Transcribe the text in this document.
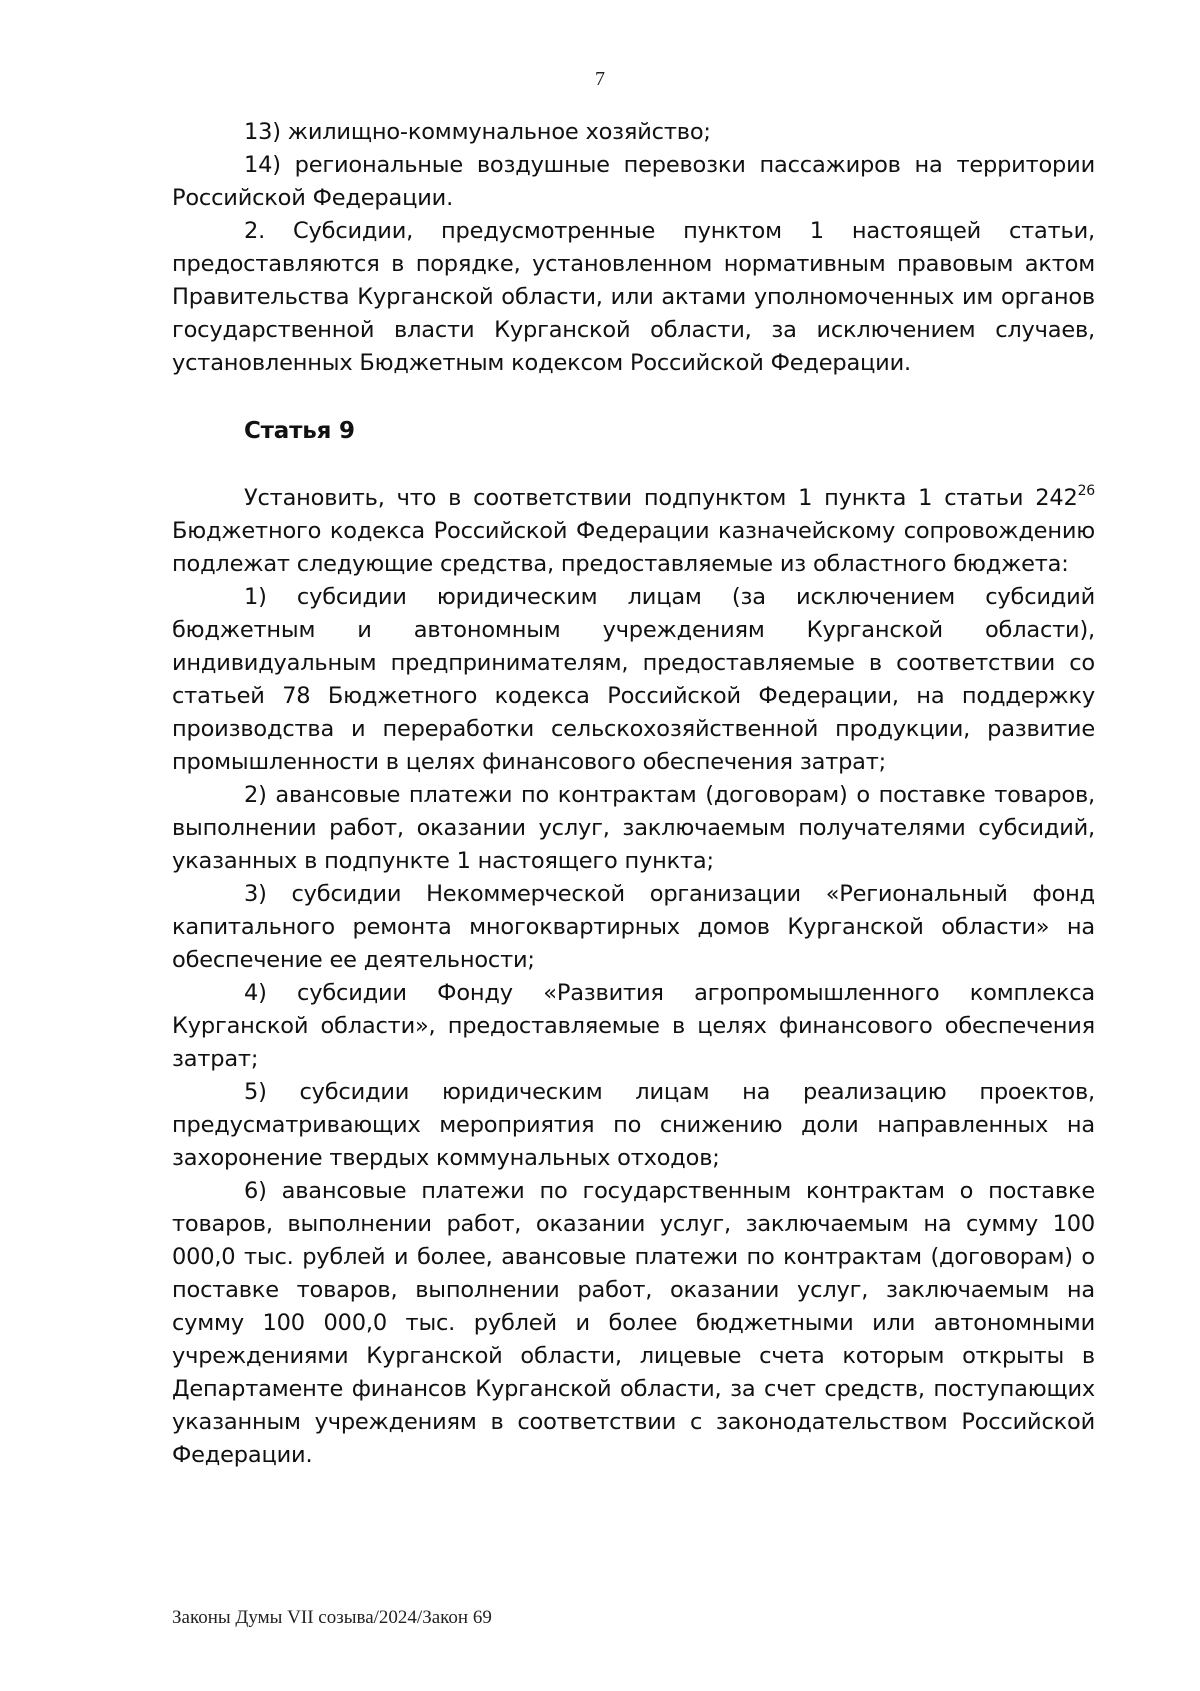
7

13) жилищно-коммунальное хозяйство;

14) региональные воздушные перевозки пассажиров на территории Российской Федерации.

2. Субсидии, предусмотренные пунктом 1 настоящей статьи, предоставляются в порядке, установленном нормативным правовым актом Правительства Курганской области, или актами уполномоченных им органов государственной власти Курганской области, за исключением случаев, установленных Бюджетным кодексом Российской Федерации.

Статья 9

Установить, что в соответствии подпунктом 1 пункта 1 статьи $242^{26}$ Бюджетного кодекса Российской Федерации казначейскому сопровождению подлежат следующие средства, предоставляемые из областного бюджета:

1) субсидии юридическим лицам (за исключением субсидий бюджетным и автономным учреждениям Курганской области), индивидуальным предпринимателям, предоставляемые в соответствии со статьей 78 Бюджетного кодекса Российской Федерации, на поддержку производства и переработки сельскохозяйственной продукции, развитие промышленности в целях финансового обеспечения затрат;

2) авансовые платежи по контрактам (договорам) о поставке товаров, выполнении работ, оказании услуг, заключаемым получателями субсидий, указанных в подпункте 1 настоящего пункта;

3) субсидии Некоммерческой организации «Региональный фонд капитального ремонта многоквартирных домов Курганской области» на обеспечение ее деятельности;

4) субсидии Фонду «Развития агропромышленного комплекса Курганской области», предоставляемые в целях финансового обеспечения затрат;

5) субсидии юридическим лицам на реализацию проектов, предусматривающих мероприятия по снижению доли направленных на захоронение твердых коммунальных отходов;

6) авансовые платежи по государственным контрактам о поставке товаров, выполнении работ, оказании услуг, заключаемым на сумму 100 000,0 тыс. рублей и более, авансовые платежи по контрактам (договорам) о поставке товаров, выполнении работ, оказании услуг, заключаемым на сумму 100 000,0 тыс. рублей и более бюджетными или автономными учреждениями Курганской области, лицевые счета которым открыты в Департаменте финансов Курганской области, за счет средств, поступающих указанным учреждениям в соответствии с законодательством Российской Федерации.

Законы Думы VII созыва/2024/Закон 69
